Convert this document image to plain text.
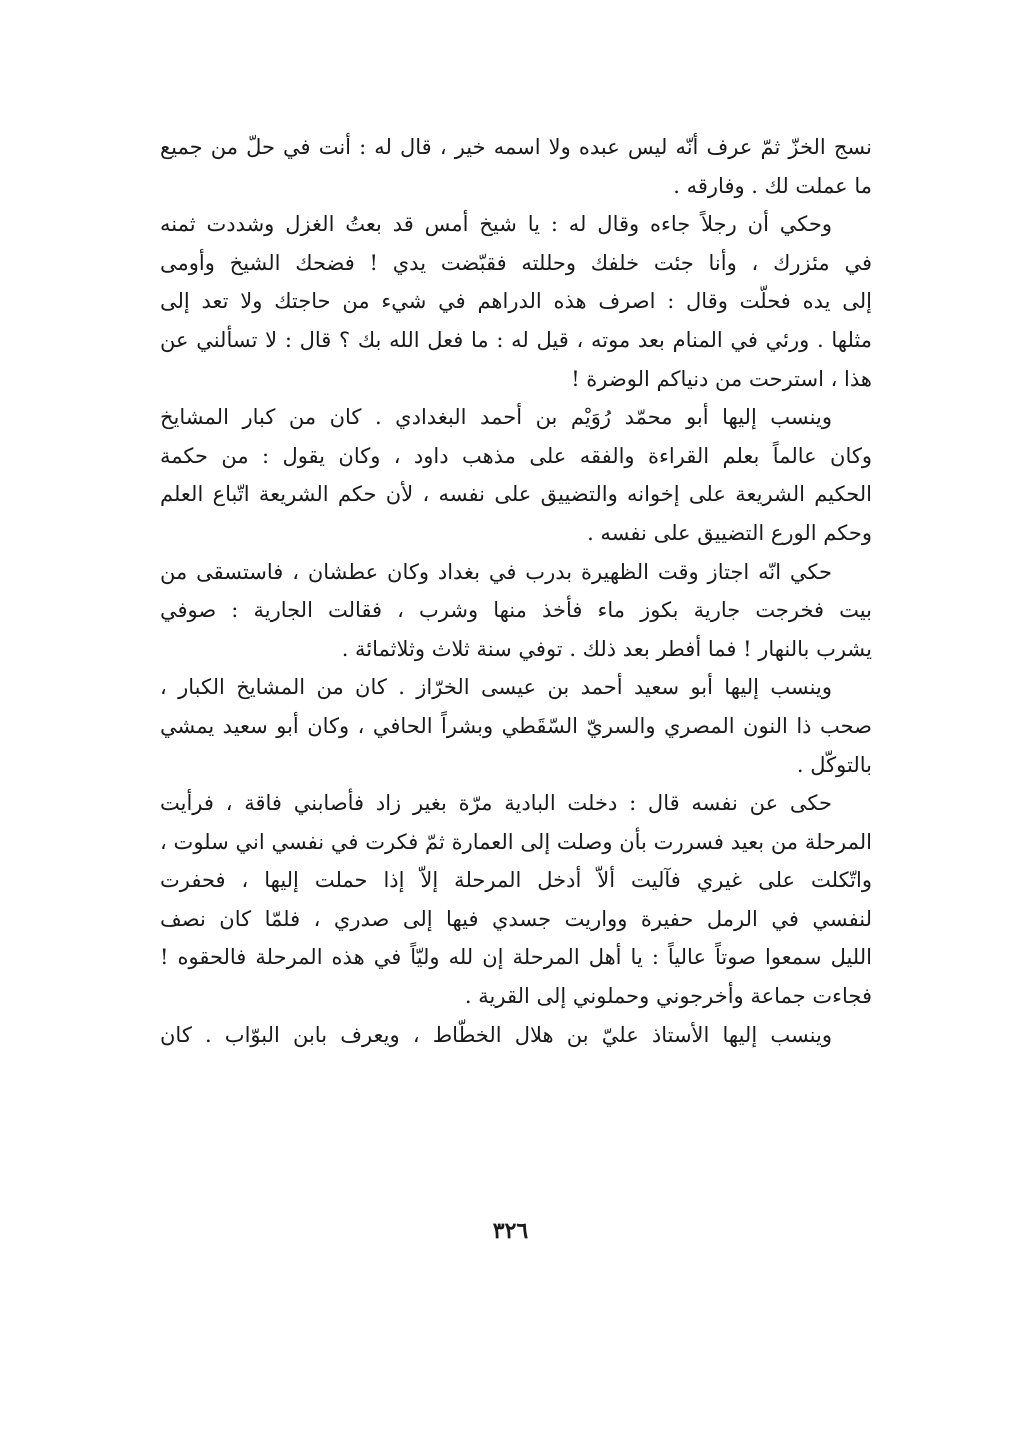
نسج الخزّ ثمّ عرف أنّه ليس عبده ولا اسمه خير ، قال له : أنت في حلّ من جميع
ما عملت لك . وفارقه .
وحكي أن رجلاً جاءه وقال له : يا شيخ أمس قد بعتُ الغزل وشددت ثمنه
في مئزرك ، وأنا جئت خلفك وحللته فقبّضت يدي ! فضحك الشيخ وأومى
إلى يده فحلّت وقال : اصرف هذه الدراهم في شيء من حاجتك ولا تعد إلى
مثلها . ورئي في المنام بعد موته ، قيل له : ما فعل الله بك ؟ قال : لا تسألني عن
هذا ، استرحت من دنياكم الوضرة !
وينسب إليها أبو محمّد رُوَيْم بن أحمد البغدادي . كان من كبار المشايخ
وكان عالماً بعلم القراءة والفقه على مذهب داود ، وكان يقول : من حكمة
الحكيم الشريعة على إخوانه والتضييق على نفسه ، لأن حكم الشريعة اتّباع العلم
وحكم الورع التضييق على نفسه .
حكي انّه اجتاز وقت الظهيرة بدرب في بغداد وكان عطشان ، فاستسقى من
بيت فخرجت جارية بكوز ماء فأخذ منها وشرب ، فقالت الجارية : صوفي
يشرب بالنهار ! فما أفطر بعد ذلك . توفي سنة ثلاث وثلاثمائة .
وينسب إليها أبو سعيد أحمد بن عيسى الخرّاز . كان من المشايخ الكبار ،
صحب ذا النون المصري والسريّ السّقَطي وبشراً الحافي ، وكان أبو سعيد يمشي
بالتوكّل .
حكى عن نفسه قال : دخلت البادية مرّة بغير زاد فأصابني فاقة ، فرأيت
المرحلة من بعيد فسررت بأن وصلت إلى العمارة ثمّ فكرت في نفسي اني سلوت ،
واتّكلت على غيري فآليت ألاّ أدخل المرحلة إلاّ إذا حملت إليها ، فحفرت
لنفسي في الرمل حفيرة وواريت جسدي فيها إلى صدري ، فلمّا كان نصف
الليل سمعوا صوتاً عالياً : يا أهل المرحلة إن لله وليّاً في هذه المرحلة فالحقوه !
فجاءت جماعة وأخرجوني وحملوني إلى القرية .
وينسب إليها الأستاذ عليّ بن هلال الخطّاط ، ويعرف بابن البوّاب . كان
٣٢٦
